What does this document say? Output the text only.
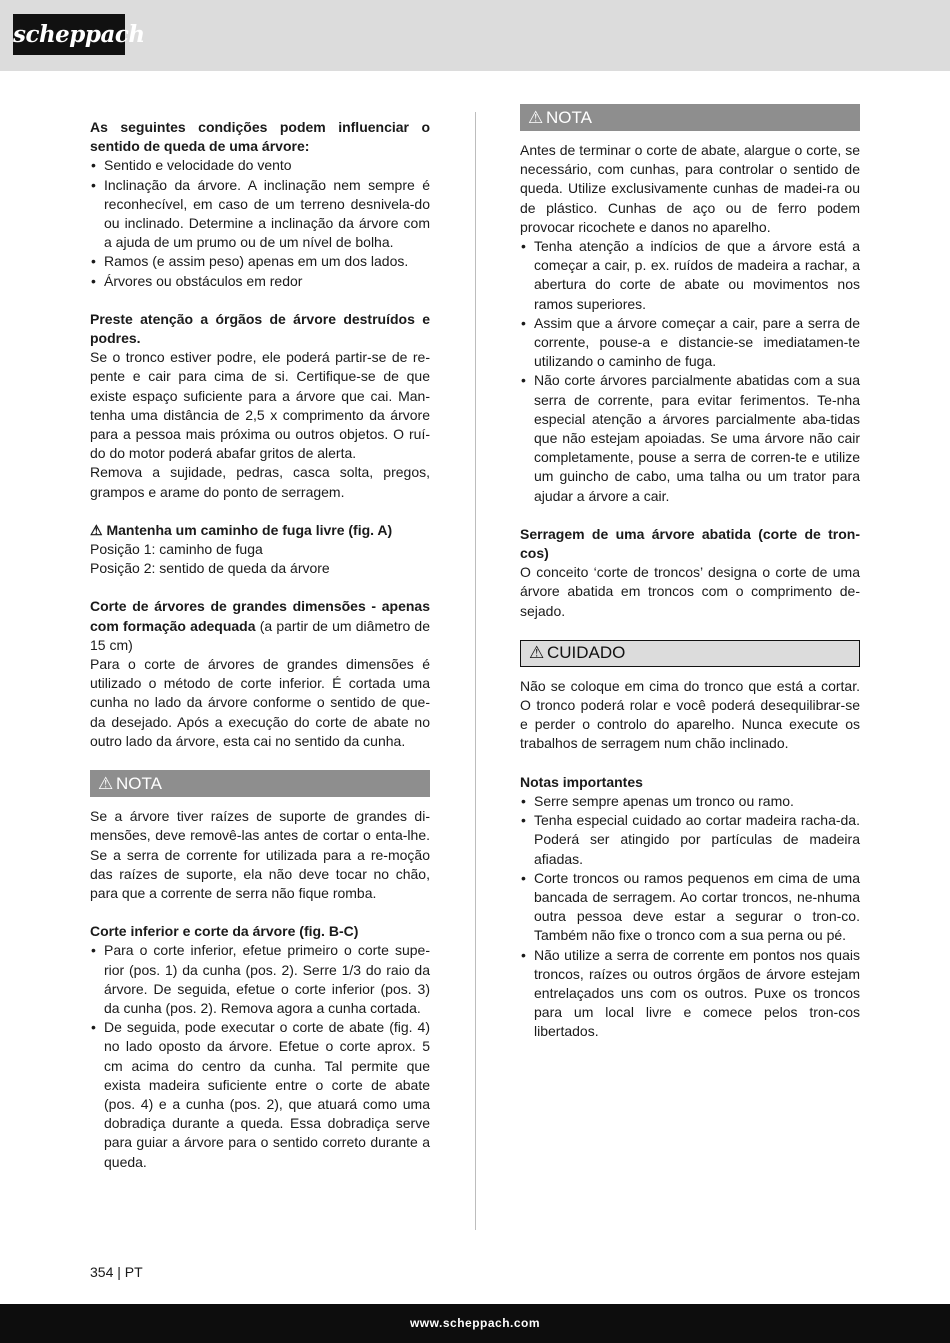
scheppach

As seguintes condições podem influenciar o sentido de queda de uma árvore:

• Sentido e velocidade do vento
• Inclinação da árvore. A inclinação nem sempre é reconhecível, em caso de um terreno desnivela-do ou inclinado. Determine a inclinação da árvore com a ajuda de um prumo ou de um nível de bolha.
• Ramos (e assim peso) apenas em um dos lados.
• Árvores ou obstáculos em redor

Preste atenção a órgãos de árvore destruídos e podres.

Se o tronco estiver podre, ele poderá partir-se de re-pente e cair para cima de si. Certifique-se de que existe espaço suficiente para a árvore que cai. Man-tenha uma distância de 2,5 x comprimento da árvore para a pessoa mais próxima ou outros objetos. O ruí-do do motor poderá abafar gritos de alerta.

Remova a sujidade, pedras, casca solta, pregos, grampos e arame do ponto de serragem.

⚠ Mantenha um caminho de fuga livre (fig. A)

Posição 1: caminho de fuga

Posição 2: sentido de queda da árvore

Corte de árvores de grandes dimensões - apenas com formação adequada (a partir de um diâmetro de 15 cm)

Para o corte de árvores de grandes dimensões é utilizado o método de corte inferior. É cortada uma cunha no lado da árvore conforme o sentido de que-da desejado. Após a execução do corte de abate no outro lado da árvore, esta cai no sentido da cunha.

⚠ NOTA

Se a árvore tiver raízes de suporte de grandes di-mensões, deve removê-las antes de cortar o enta-lhe. Se a serra de corrente for utilizada para a re-moção das raízes de suporte, ela não deve tocar no chão, para que a corrente de serra não fique romba.

Corte inferior e corte da árvore (fig. B-C)

• Para o corte inferior, efetue primeiro o corte supe-rior (pos. 1) da cunha (pos. 2). Serre 1/3 do raio da árvore. De seguida, efetue o corte inferior (pos. 3) da cunha (pos. 2). Remova agora a cunha cortada.
• De seguida, pode executar o corte de abate (fig. 4) no lado oposto da árvore. Efetue o corte aprox. 5 cm acima do centro da cunha. Tal permite que exista madeira suficiente entre o corte de abate (pos. 4) e a cunha (pos. 2), que atuará como uma dobradiça durante a queda. Essa dobradiça serve para guiar a árvore para o sentido correto durante a queda.
⚠ NOTA

Antes de terminar o corte de abate, alargue o corte, se necessário, com cunhas, para controlar o sentido de queda. Utilize exclusivamente cunhas de madei-ra ou de plástico. Cunhas de aço ou de ferro podem provocar ricochete e danos no aparelho.

• Tenha atenção a indícios de que a árvore está a começar a cair, p. ex. ruídos de madeira a rachar, a abertura do corte de abate ou movimentos nos ramos superiores.
• Assim que a árvore começar a cair, pare a serra de corrente, pouse-a e distancie-se imediatamen-te utilizando o caminho de fuga.
• Não corte árvores parcialmente abatidas com a sua serra de corrente, para evitar ferimentos. Te-nha especial atenção a árvores parcialmente aba-tidas que não estejam apoiadas. Se uma árvore não cair completamente, pouse a serra de corren-te e utilize um guincho de cabo, uma talha ou um trator para ajudar a árvore a cair.

Serragem de uma árvore abatida (corte de tron-cos)

O conceito ‘corte de troncos’ designa o corte de uma árvore abatida em troncos com o comprimento de-sejado.

⚠ CUIDADO

Não se coloque em cima do tronco que está a cortar. O tronco poderá rolar e você poderá desequilibrar-se e perder o controlo do aparelho. Nunca execute os trabalhos de serragem num chão inclinado.

Notas importantes

• Serre sempre apenas um tronco ou ramo.
• Tenha especial cuidado ao cortar madeira racha-da. Poderá ser atingido por partículas de madeira afiadas.
• Corte troncos ou ramos pequenos em cima de uma bancada de serragem. Ao cortar troncos, ne-nhuma outra pessoa deve estar a segurar o tron-co. Também não fixe o tronco com a sua perna ou pé.
• Não utilize a serra de corrente em pontos nos quais troncos, raízes ou outros órgãos de árvore estejam entrelaçados uns com os outros. Puxe os troncos para um local livre e comece pelos tron-cos libertados.
354 | PT
www.scheppach.com
